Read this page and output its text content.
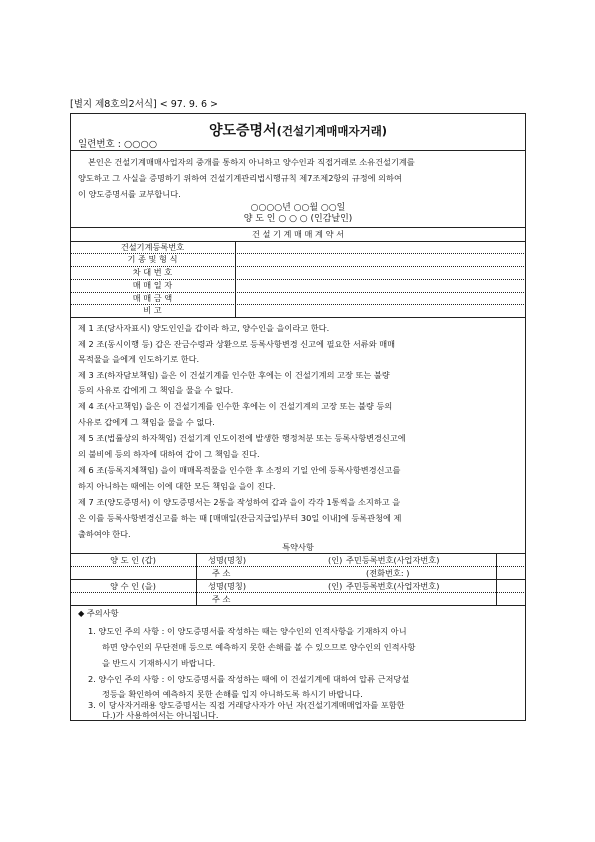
[별지 제8호의2서식] < 97. 9. 6 >
양도증명서(건설기계매매자거래)
일련번호 : ○○○○
본인은 건설기계매매사업자의 중개를 통하지 아니하고 양수인과 직접거래로 소유건설기계를
양도하고 그 사실을 증명하기 위하여 건설기계관리법시행규칙 제7조제2항의 규정에 의하여
이 양도증명서를 교부합니다.
○○○○년 ○○월 ○○일
양 도 인 ○ ○ ○ (인감날인)
건 설 기 계 매 매 계 약 서
건설기계등록번호
기 종 및 형 식
차 대 번 호
매 매 일 자
매 매 금 액
비 고
제 1 조(당사자표시) 양도인인을 갑이라 하고, 양수인을 을이라고 한다.
제 2 조(동시이행 등) 갑은 잔금수령과 상환으로 등록사항변경 신고에 필요한 서류와 매매
목적물을 을에게 인도하기로 한다.
제 3 조(하자담보책임) 을은 이 건설기계를 인수한 후에는 이 건설기계의 고장 또는 불량
등의 사유로 갑에게 그 책임을 물을 수 없다.
제 4 조(사고책임) 을은 이 건설기계를 인수한 후에는 이 건설기계의 고장 또는 불량 등의
사유로 갑에게 그 책임을 물을 수 없다.
제 5 조(법률상의 하자책임) 건설기계 인도이전에 발생한 행정처분 또는 등록사항변경신고에
의 불비에 등의 하자에 대하여 갑이 그 책임을 진다.
제 6 조(등록지체책임) 을이 매매목적물을 인수한 후 소정의 기일 안에 등록사항변경신고를
하지 아니하는 때에는 이에 대한 모든 책임을 을이 진다.
제 7 조(양도증명서) 이 양도증명서는 2통을 작성하여 갑과 을이 각각 1통씩을 소지하고 을
은 이를 등록사항변경신고를 하는 때 [매매일(잔금지급일)부터 30일 이내]에 등록관청에 제
출하여야 한다.
특약사항
양 도 인 (갑)	성명(명칭)	(인) 주민등록번호(사업자번호)
주 소	(전화번호: )
양 수 인 (을)	성명(명칭)	(인) 주민등록번호(사업자번호)
주 소
◆ 주의사항
1. 양도인 주의 사항 : 이 양도증명서를 작성하는 때는 양수인의 인적사항을 기재하지 아니
하면 양수인의 무단전매 등으로 예측하지 못한 손해를 볼 수 있으므로 양수인의 인적사항
을 반드시 기재하시기 바랍니다.
2. 양수인 주의 사항 : 이 양도증명서를 작성하는 때에 이 건설기계에 대하여 압류 근저당설
정등을 확인하여 예측하지 못한 손해를 입지 아니하도록 하시기 바랍니다.
3. 이 당사자거래용 양도증명서는 직접 거래당사자가 아닌 자(건설기계매매업자를 포함한
다.)가 사용하여서는 아니됩니다.
